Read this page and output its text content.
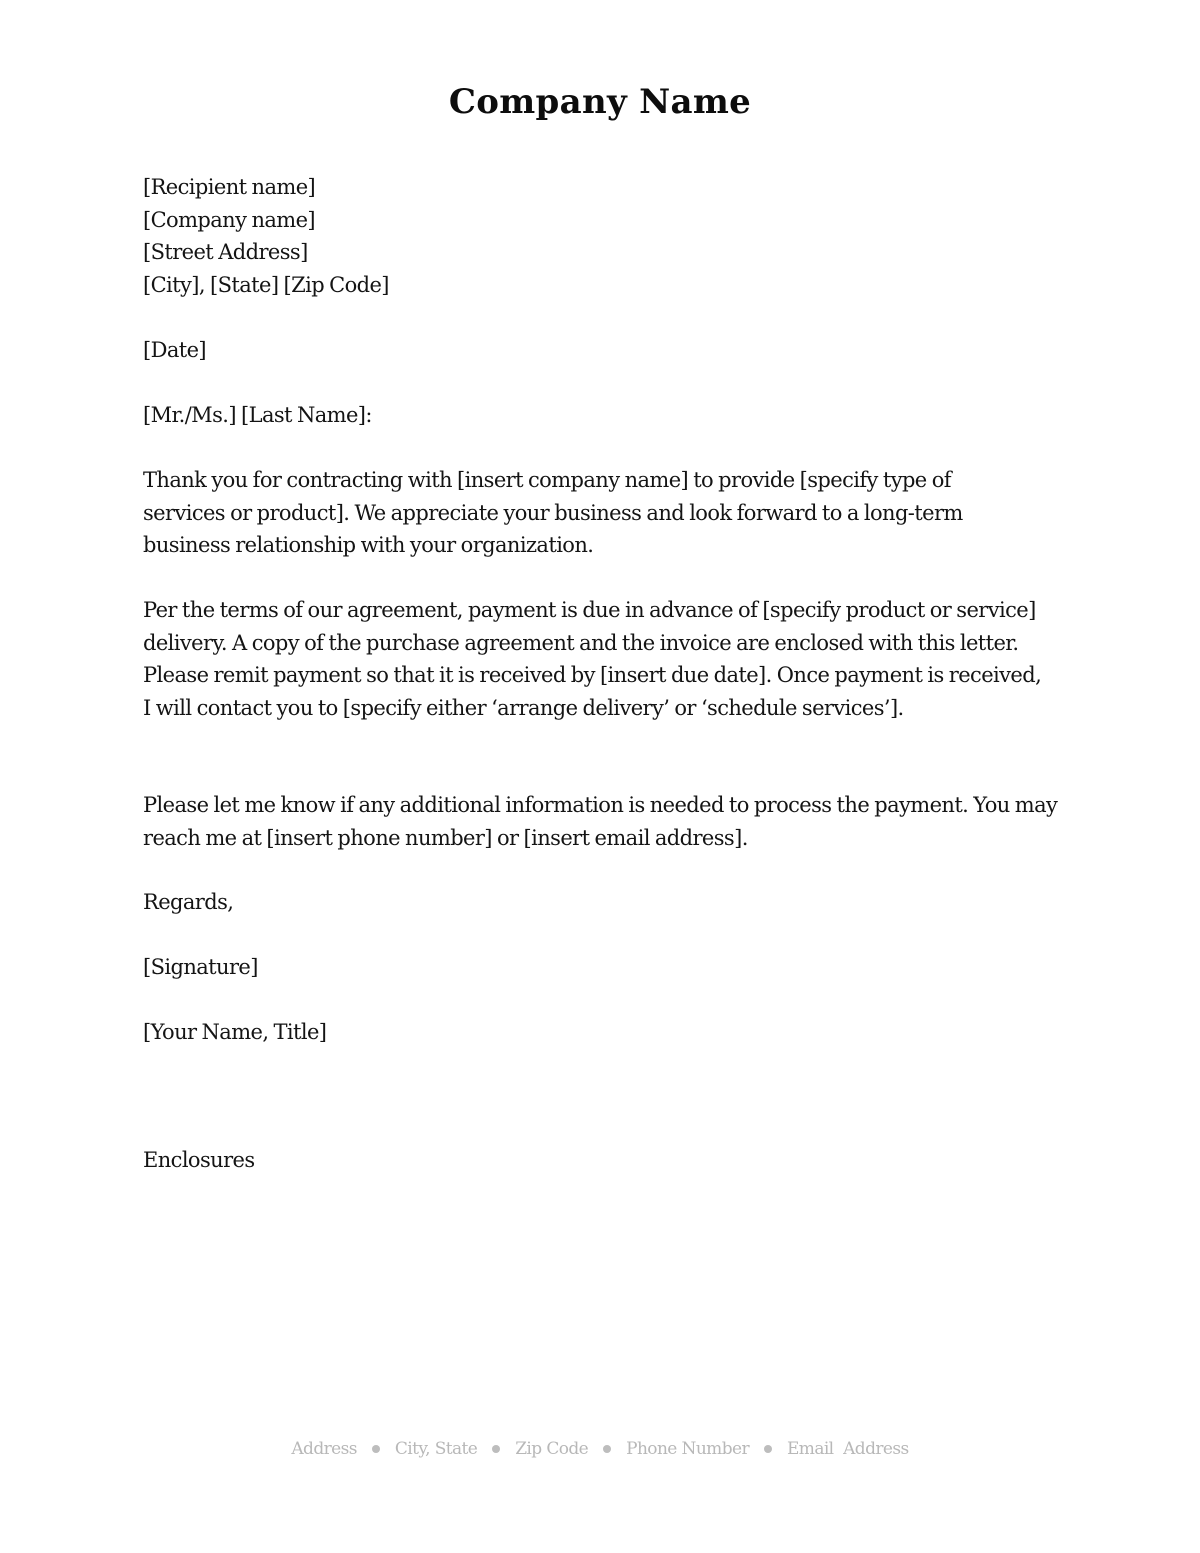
Company Name
[Recipient name]
[Company name]
[Street Address]
[City], [State] [Zip Code]
[Date]
[Mr./Ms.] [Last Name]:

Thank you for contracting with [insert company name] to provide [specify type of services or product]. We appreciate your business and look forward to a long-term business relationship with your organization.

Per the terms of our agreement, payment is due in advance of [specify product or service] delivery. A copy of the purchase agreement and the invoice are enclosed with this letter. Please remit payment so that it is received by [insert due date]. Once payment is received, I will contact you to [specify either ‘arrange delivery’ or ‘schedule services’].

Please let me know if any additional information is needed to process the payment. You may reach me at [insert phone number] or [insert email address].

Regards,
[Signature]
[Your Name, Title]
Enclosures
Address City, State Zip Code Phone Number Email  Address
